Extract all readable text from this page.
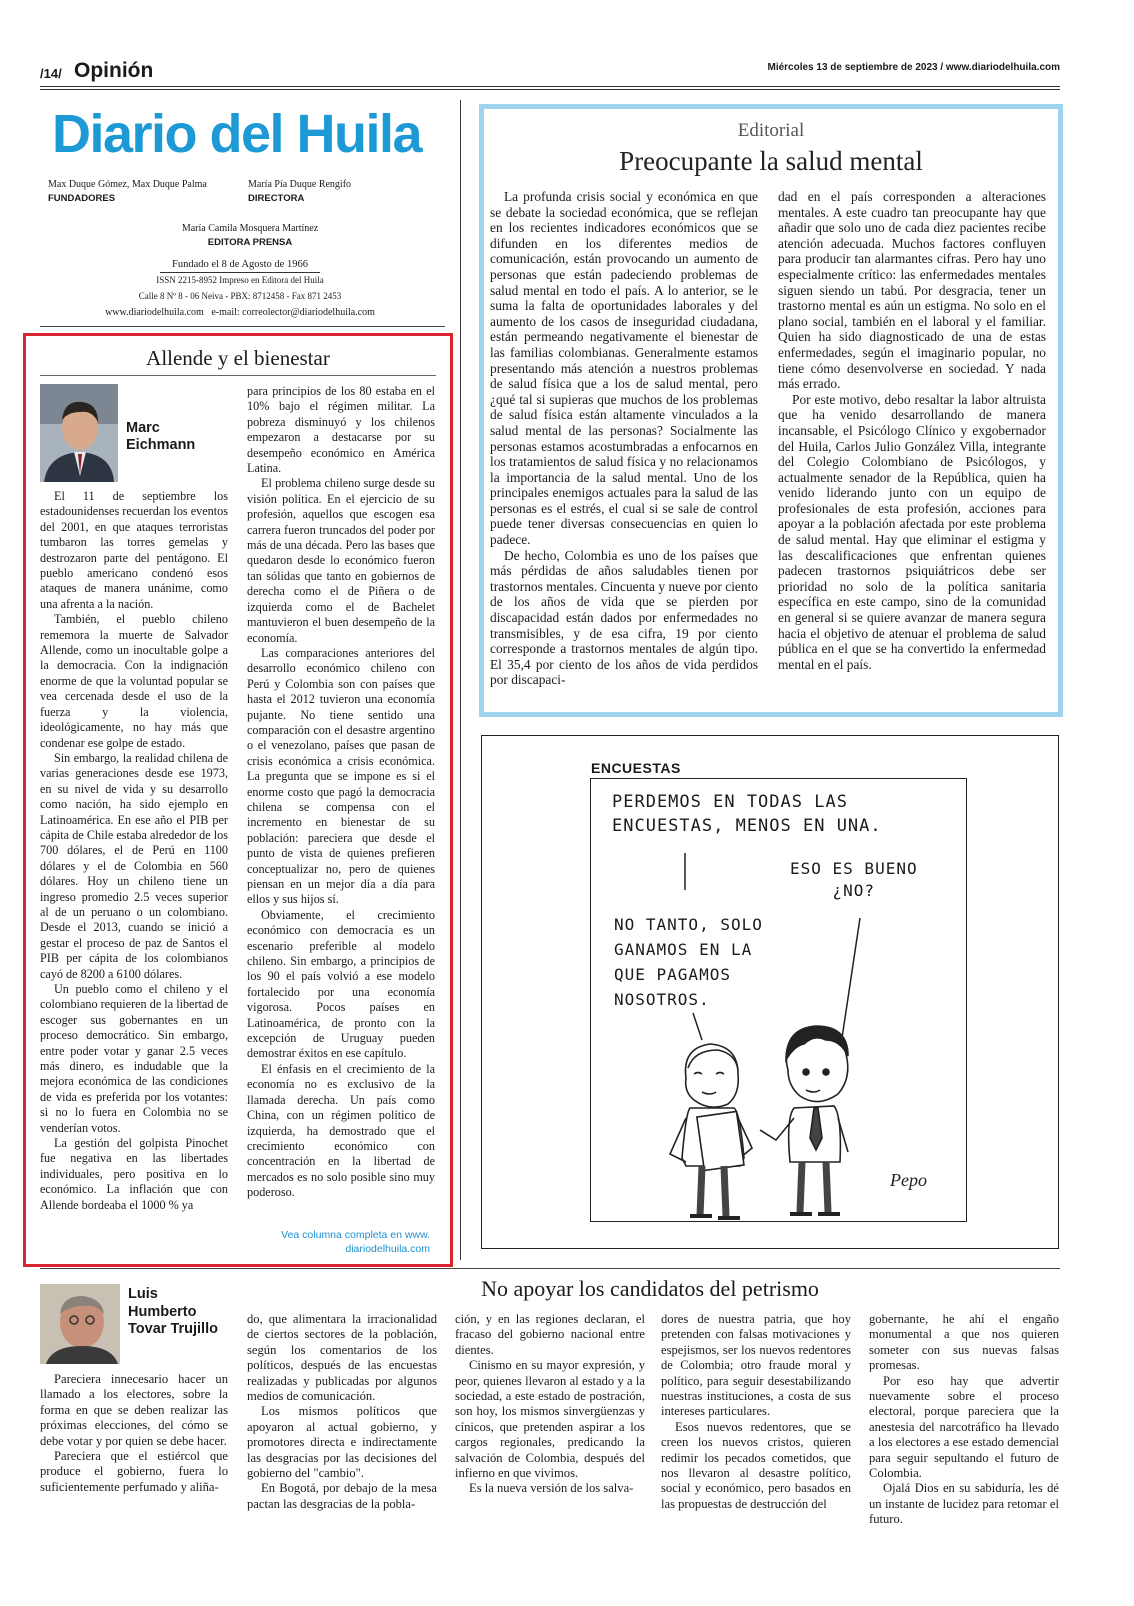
/14/ Opinión	Miércoles 13 de septiembre de 2023 / www.diariodelhuila.com
Diario del Huila
Max Duque Gómez, Max Duque Palma
FUNDADORES
María Pía Duque Rengifo
DIRECTORA
María Camila Mosquera Martínez
EDITORA PRENSA
Fundado el 8 de Agosto de 1966
ISSN 2215-8952 Impreso en Editora del Huila
Calle 8 Nº 8 - 06 Neiva - PBX: 8712458 - Fax 871 2453
www.diariodelhuila.com   e-mail: correolector@diariodelhuila.com
Allende y el bienestar
Marc Eichmann

El 11 de septiembre los estadounidenses recuerdan los eventos del 2001, en que ataques terroristas tumbaron las torres gemelas y destrozaron parte del pentágono. El pueblo americano condenó esos ataques de manera unánime, como una afrenta a la nación.

También, el pueblo chileno rememora la muerte de Salvador Allende, como un inocultable golpe a la democracia. Con la indignación enorme de que la voluntad popular se vea cercenada desde el uso de la fuerza y la violencia, ideológicamente, no hay más que condenar ese golpe de estado.

Sin embargo, la realidad chilena de varias generaciones desde ese 1973, en su nivel de vida y su desarrollo como nación, ha sido ejemplo en Latinoamérica. En ese año el PIB per cápita de Chile estaba alrededor de los 700 dólares, el de Perú en 1100 dólares y el de Colombia en 560 dólares. Hoy un chileno tiene un ingreso promedio 2.5 veces superior al de un peruano o un colombiano. Desde el 2013, cuando se inició a gestar el proceso de paz de Santos el PIB per cápita de los colombianos cayó de 8200 a 6100 dólares.

Un pueblo como el chileno y el colombiano requieren de la libertad de escoger sus gobernantes en un proceso democrático. Sin embargo, entre poder votar y ganar 2.5 veces más dinero, es indudable que la mejora económica de las condiciones de vida es preferida por los votantes: si no lo fuera en Colombia no se venderían votos.

La gestión del golpista Pinochet fue negativa en las libertades individuales, pero positiva en lo económico. La inflación que con Allende bordeaba el 1000 % ya

para principios de los 80 estaba en el 10% bajo el régimen militar. La pobreza disminuyó y los chilenos empezaron a destacarse por su desempeño económico en América Latina.

El problema chileno surge desde su visión política. En el ejercicio de su profesión, aquellos que escogen esa carrera fueron truncados del poder por más de una década. Pero las bases que quedaron desde lo económico fueron tan sólidas que tanto en gobiernos de derecha como el de Piñera o de izquierda como el de Bachelet mantuvieron el buen desempeño de la economía.

Las comparaciones anteriores del desarrollo económico chileno con Perú y Colombia son con países que hasta el 2012 tuvieron una economía pujante. No tiene sentido una comparación con el desastre argentino o el venezolano, países que pasan de crisis económica a crisis económica. La pregunta que se impone es si el enorme costo que pagó la democracia chilena se compensa con el incremento en bienestar de su población: pareciera que desde el punto de vista de quienes prefieren conceptualizar no, pero de quienes piensan en un mejor día a día para ellos y sus hijos sí.

Obviamente, el crecimiento económico con democracia es un escenario preferible al modelo chileno. Sin embargo, a principios de los 90 el país volvió a ese modelo fortalecido por una economía vigorosa. Pocos países en Latinoamérica, de pronto con la excepción de Uruguay pueden demostrar éxitos en ese capítulo.

El énfasis en el crecimiento de la economía no es exclusivo de la llamada derecha. Un país como China, con un régimen político de izquierda, ha demostrado que el crecimiento económico con concentración en la libertad de mercados es no solo posible sino muy poderoso.

Vea columna completa en www.
diariodelhuila.com
Editorial
Preocupante la salud mental

La profunda crisis social y económica en que se debate la sociedad económica, que se reflejan en los recientes indicadores económicos que se difunden en los diferentes medios de comunicación, están provocando un aumento de personas que están padeciendo problemas de salud mental en todo el país. A lo anterior, se le suma la falta de oportunidades laborales y del aumento de los casos de inseguridad ciudadana, están permeando negativamente el bienestar de las familias colombianas. Generalmente estamos presentando más atención a nuestros problemas de salud física que a los de salud mental, pero ¿qué tal si supieras que muchos de los problemas de salud física están altamente vinculados a la salud mental de las personas? Socialmente las personas estamos acostumbradas a enfocarnos en los tratamientos de salud física y no relacionamos la importancia de la salud mental. Uno de los principales enemigos actuales para la salud de las personas es el estrés, el cual si se sale de control puede tener diversas consecuencias en quien lo padece.

De hecho, Colombia es uno de los países que más pérdidas de años saludables tienen por trastornos mentales. Cincuenta y nueve por ciento de los años de vida que se pierden por discapacidad están dados por enfermedades no transmisibles, y de esa cifra, 19 por ciento corresponde a trastornos mentales de algún tipo. El 35,4 por ciento de los años de vida perdidos por discapaci-

dad en el país corresponden a alteraciones mentales. A este cuadro tan preocupante hay que añadir que solo uno de cada diez pacientes recibe atención adecuada. Muchos factores confluyen para producir tan alarmantes cifras. Pero hay uno especialmente crítico: las enfermedades mentales siguen siendo un tabú. Por desgracia, tener un trastorno mental es aún un estigma. No solo en el plano social, también en el laboral y el familiar. Quien ha sido diagnosticado de una de estas enfermedades, según el imaginario popular, no tiene cómo desenvolverse en sociedad. Y nada más errado.

Por este motivo, debo resaltar la labor altruista que ha venido desarrollando de manera incansable, el Psicólogo Clínico y exgobernador del Huila, Carlos Julio González Villa, integrante del Colegio Colombiano de Psicólogos, y actualmente senador de la República, quien ha venido liderando junto con un equipo de profesionales de esta profesión, acciones para apoyar a la población afectada por este problema de salud mental. Hay que eliminar el estigma y las descalificaciones que enfrentan quienes padecen trastornos psiquiátricos debe ser prioridad no solo de la política sanitaria específica en este campo, sino de la comunidad en general si se quiere avanzar de manera segura hacia el objetivo de atenuar el problema de salud pública en el que se ha convertido la enfermedad mental en el país.

ENCUESTAS
PERDEMOS EN TODAS LAS
ENCUESTAS, MENOS EN UNA.
ESO ES BUENO
¿NO?
NO TANTO, SOLO
GANAMOS EN LA
QUE PAGAMOS
NOSOTROS.
Pepo
No apoyar los candidatos del petrismo
Luis Humberto Tovar Trujillo

Pareciera innecesario hacer un llamado a los electores, sobre la forma en que se deben realizar las próximas elecciones, del cómo se debe votar y por quien se debe hacer.

Pareciera que el estiércol que produce el gobierno, fuera lo suficientemente perfumado y aliña-

do, que alimentara la irracionalidad de ciertos sectores de la población, según los comentarios de los políticos, después de las encuestas realizadas y publicadas por algunos medios de comunicación.

Los mismos políticos que apoyaron al actual gobierno, y promotores directa e indirectamente las desgracias por las decisiones del gobierno del "cambio".

En Bogotá, por debajo de la mesa pactan las desgracias de la pobla-

ción, y en las regiones declaran, el fracaso del gobierno nacional entre dientes.

Cinismo en su mayor expresión, y peor, quienes llevaron al estado y a la sociedad, a este estado de postración, son hoy, los mismos sinvergüenzas y cínicos, que pretenden aspirar a los cargos regionales, predicando la salvación de Colombia, después del infierno en que vivimos.

Es la nueva versión de los salva-

dores de nuestra patria, que hoy pretenden con falsas motivaciones y espejismos, ser los nuevos redentores de Colombia; otro fraude moral y político, para seguir desestabilizando nuestras instituciones, a costa de sus intereses particulares.

Esos nuevos redentores, que se creen los nuevos cristos, quieren redimir los pecados cometidos, que nos llevaron al desastre político, social y económico, pero basados en las propuestas de destrucción del

gobernante, he ahí el engaño monumental a que nos quieren someter con sus nuevas falsas promesas.

Por eso hay que advertir nuevamente sobre el proceso electoral, porque pareciera que la anestesia del narcotráfico ha llevado a los electores a ese estado demencial para seguir sepultando el futuro de Colombia.

Ojalá Dios en su sabiduría, les dé un instante de lucidez para retomar el futuro.
